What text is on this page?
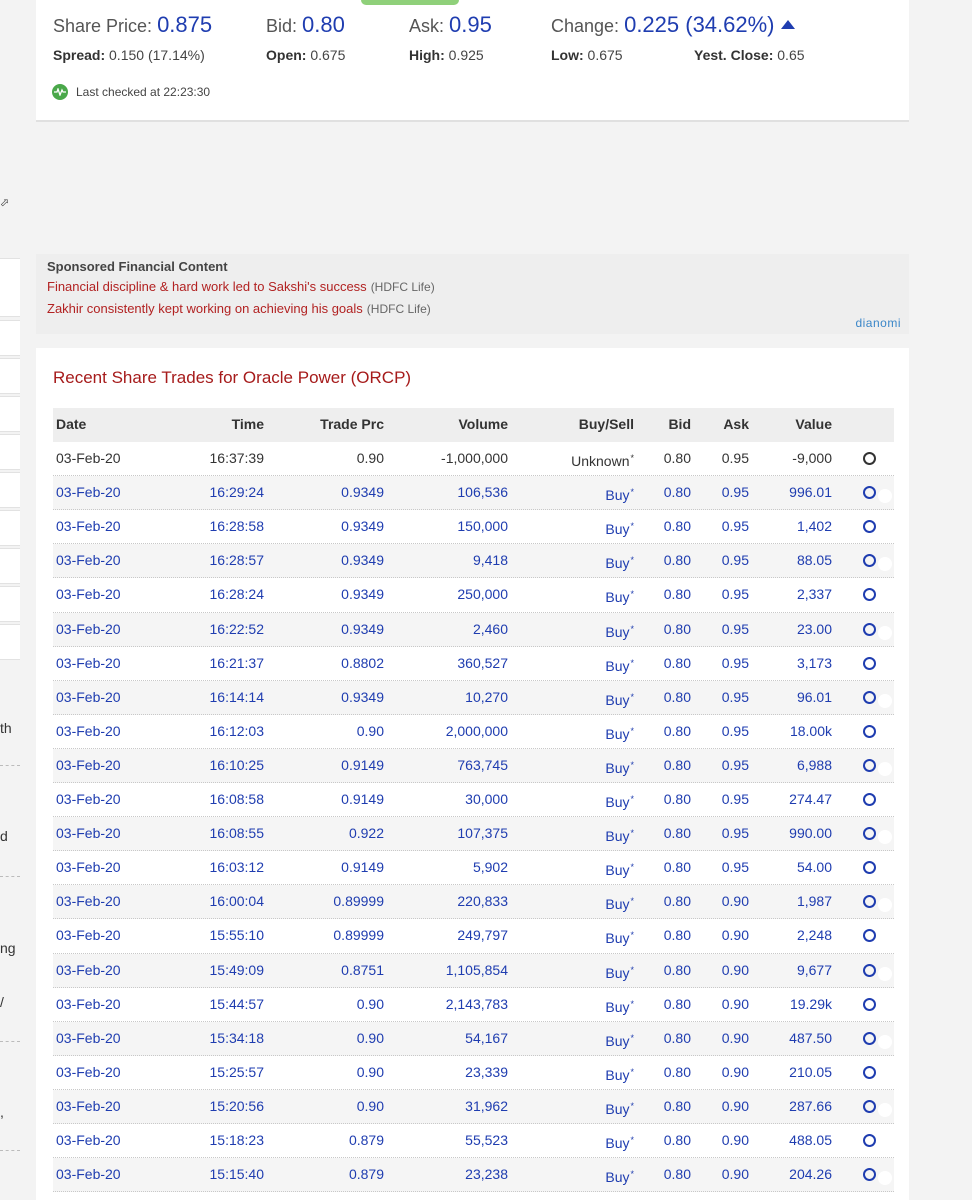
⬀
th
d
ng
/
,
Share Price: 0.875	Bid: 0.80	Ask: 0.95	Change: 0.225 (34.62%)
Spread: 0.150 (17.14%)	Open: 0.675	High: 0.925	Low: 0.675	Yest. Close: 0.65
Last checked at 22:23:30
Sponsored Financial Content
Financial discipline & hard work led to Sakshi's success (HDFC Life)
Zakhir consistently kept working on achieving his goals (HDFC Life)
dianomi
Recent Share Trades for Oracle Power (ORCP)
Date	Time	Trade Prc	Volume	Buy/Sell Bid Ask	Value
03-Feb-20	16:37:39	0.90	-1,000,000	Unknown* 0.80 0.95	-9,000	i
03-Feb-20	16:29:24	0.9349	106,536	Buy* 0.80 0.95	996.01	i
03-Feb-20	16:28:58	0.9349	150,000	Buy* 0.80 0.95	1,402	i
03-Feb-20	16:28:57	0.9349	9,418	Buy* 0.80 0.95	88.05	i
03-Feb-20	16:28:24	0.9349	250,000	Buy* 0.80 0.95	2,337	i
03-Feb-20	16:22:52	0.9349	2,460	Buy* 0.80 0.95	23.00	i
03-Feb-20	16:21:37	0.8802	360,527	Buy* 0.80 0.95	3,173	i
03-Feb-20	16:14:14	0.9349	10,270	Buy* 0.80 0.95	96.01	i
03-Feb-20	16:12:03	0.90	2,000,000	Buy* 0.80 0.95	18.00k	i
03-Feb-20	16:10:25	0.9149	763,745	Buy* 0.80 0.95	6,988	i
03-Feb-20	16:08:58	0.9149	30,000	Buy* 0.80 0.95	274.47	i
03-Feb-20	16:08:55	0.922	107,375	Buy* 0.80 0.95	990.00	i
03-Feb-20	16:03:12	0.9149	5,902	Buy* 0.80 0.95	54.00	i
03-Feb-20	16:00:04	0.89999	220,833	Buy* 0.80 0.90	1,987	i
03-Feb-20	15:55:10	0.89999	249,797	Buy* 0.80 0.90	2,248	i
03-Feb-20	15:49:09	0.8751	1,105,854	Buy* 0.80 0.90	9,677	i
03-Feb-20	15:44:57	0.90	2,143,783	Buy* 0.80 0.90	19.29k	i
03-Feb-20	15:34:18	0.90	54,167	Buy* 0.80 0.90	487.50	i
03-Feb-20	15:25:57	0.90	23,339	Buy* 0.80 0.90	210.05	i
03-Feb-20	15:20:56	0.90	31,962	Buy* 0.80 0.90	287.66	i
03-Feb-20	15:18:23	0.879	55,523	Buy* 0.80 0.90	488.05	i
03-Feb-20	15:15:40	0.879	23,238	Buy* 0.80 0.90	204.26	i
